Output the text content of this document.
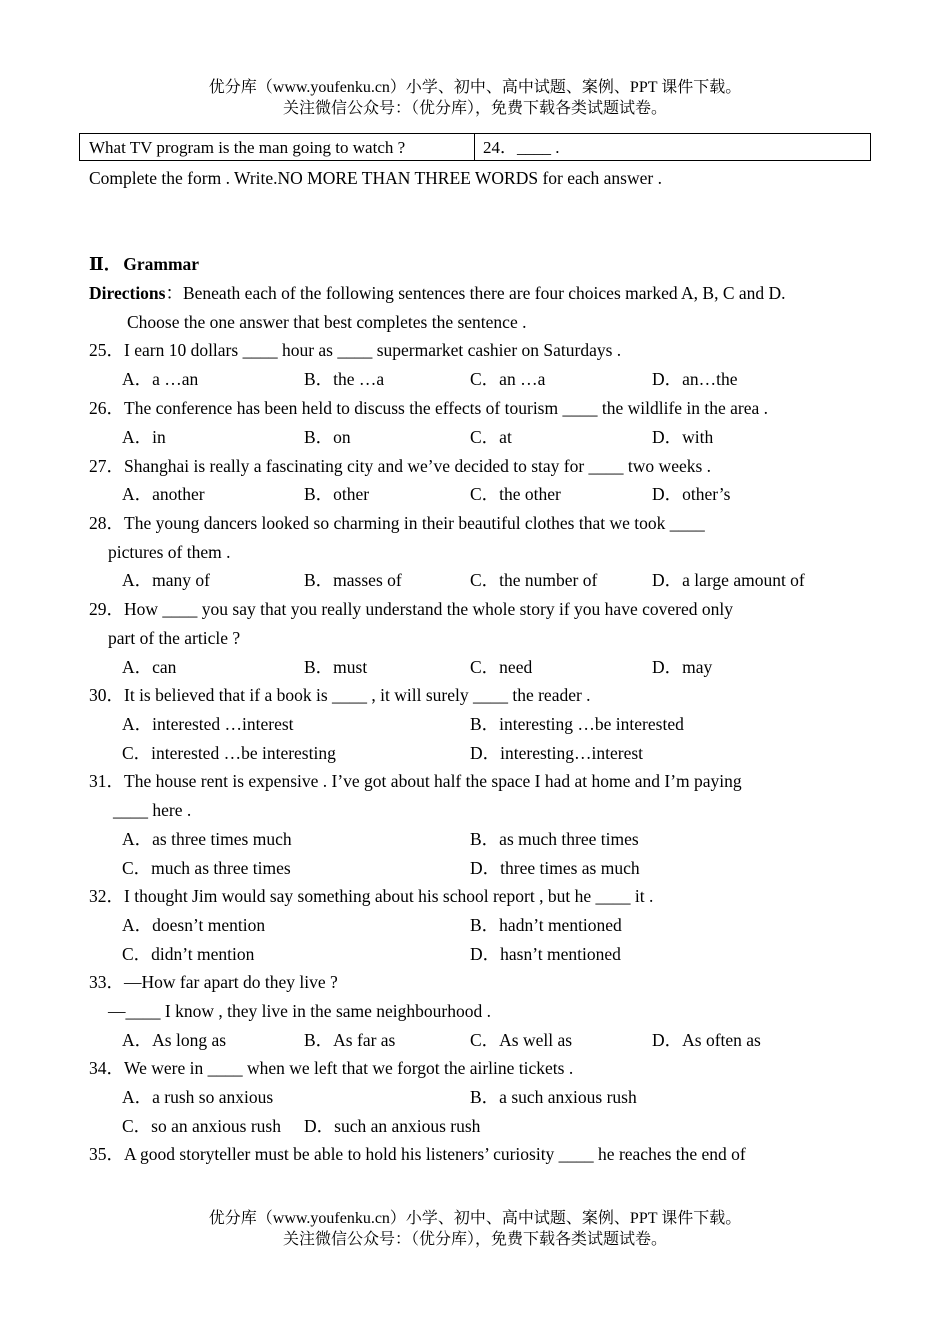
优分库（www.youfenku.cn）小学、初中、高中试题、案例、PPT 课件下载。
关注微信公众号：（优分库），免费下载各类试题试卷。
What TV program is the man going to watch ?	24．____ .
Complete the form . Write.NO MORE THAN THREE WORDS for each answer .
Ⅱ． Grammar
Directions：Beneath each of the following sentences there are four choices marked A, B, C and D.
Choose the one answer that best completes the sentence .
25．I earn 10 dollars ____ hour as ____ supermarket cashier on Saturdays .
A．a …an	B．the …a	C．an …a	D．an…the
26．The conference has been held to discuss the effects of tourism ____ the wildlife in the area .
A．in	B．on	C．at	D．with
27．Shanghai is really a fascinating city and we’ve decided to stay for ____ two weeks .
A．another	B．other	C．the other	D．other’s
28．The young dancers looked so charming in their beautiful clothes that we took ____
pictures of them .
A．many of	B．masses of	C．the number of	D．a large amount of
29．How ____ you say that you really understand the whole story if you have covered only
part of the article ?
A．can	B．must	C．need	D．may
30．It is believed that if a book is ____ , it will surely ____ the reader .
A．interested …interest	B．interesting …be interested
C．interested …be interesting	D．interesting…interest
31．The house rent is expensive . I’ve got about half the space I had at home and I’m paying
____ here .
A．as three times much	B．as much three times
C．much as three times	D．three times as much
32．I thought Jim would say something about his school report , but he ____ it .
A．doesn’t mention	B．hadn’t mentioned
C．didn’t mention	D．hasn’t mentioned
33．—How far apart do they live ?
—____ I know , they live in the same neighbourhood .
A．As long as	B．As far as	C．As well as	D．As often as
34．We were in ____ when we left that we forgot the airline tickets .
A．a rush so anxious	B．a such anxious rush
C．so an anxious rush D．such an anxious rush
35．A good storyteller must be able to hold his listeners’ curiosity ____ he reaches the end of
优分库（www.youfenku.cn）小学、初中、高中试题、案例、PPT 课件下载。
关注微信公众号：（优分库），免费下载各类试题试卷。
